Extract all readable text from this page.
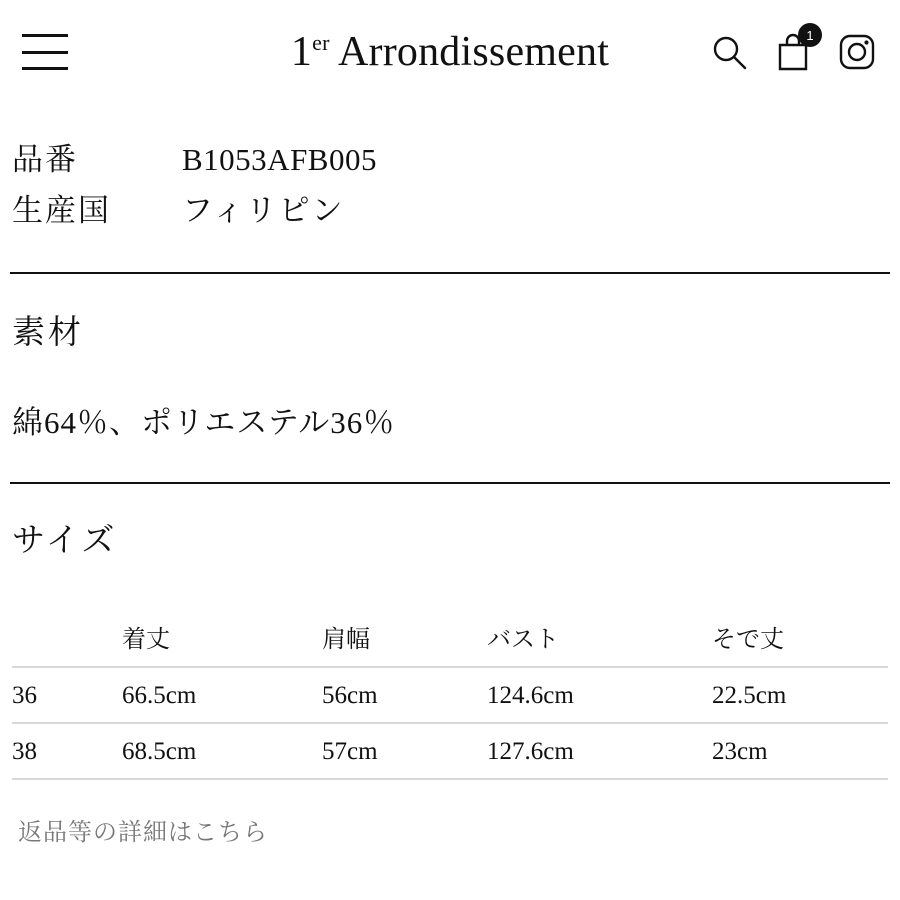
1er Arrondissement	1
品番	B1053AFB005
生産国	フィリピン
素材

綿64％、ポリエステル36％

サイズ
	着丈	肩幅	バスト	そで丈
36	66.5cm	56cm	124.6cm	22.5cm
38	68.5cm	57cm	127.6cm	23cm
返品等の詳細はこちら
